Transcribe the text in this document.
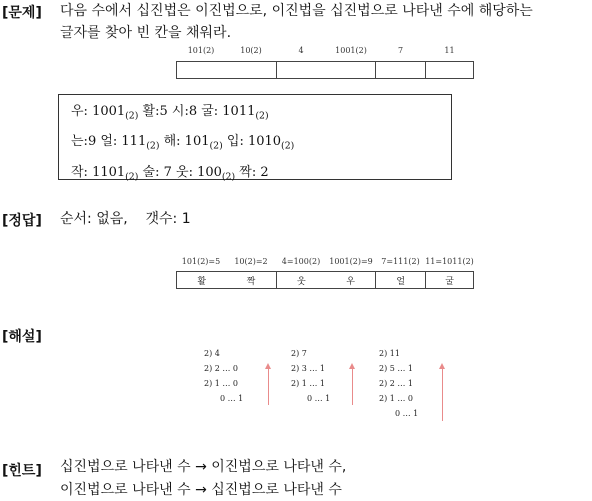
[문제] 다음 수에서 십진법은 이진법으로, 이진법을 십진법으로 나타낸 수에 해당하는
글자를 찾아 빈 칸을 채워라.
101(2)	10(2)	4	1001(2)	7	11
우: $1001_{(2)}$ 활:5 시:8 굴: $1011_{(2)}$
는:9 얼: $111_{(2)}$ 해: $101_{(2)}$ 입: $1010_{(2)}$
작: $1101_{(2)}$ 술: 7 웃: $100_{(2)}$ 짝: 2
[정답] 순서: 없음,    갯수: 1
101(2)=5	10(2)=2	4=100(2)	1001(2)=9	7=111(2) 11=1011(2)
활	짝	웃	우	얼	굴
[해설]
2) 4
2) 2 … 0
2) 1 … 0
0 … 1
2) 7
2) 3 … 1
2) 1 … 1
0 … 1
2) 11
2) 5 … 1
2) 2 … 1
2) 1 … 0
0 … 1
[힌트] 십진법으로 나타낸 수 → 이진법으로 나타낸 수,
이진법으로 나타낸 수 → 십진법으로 나타낸 수
